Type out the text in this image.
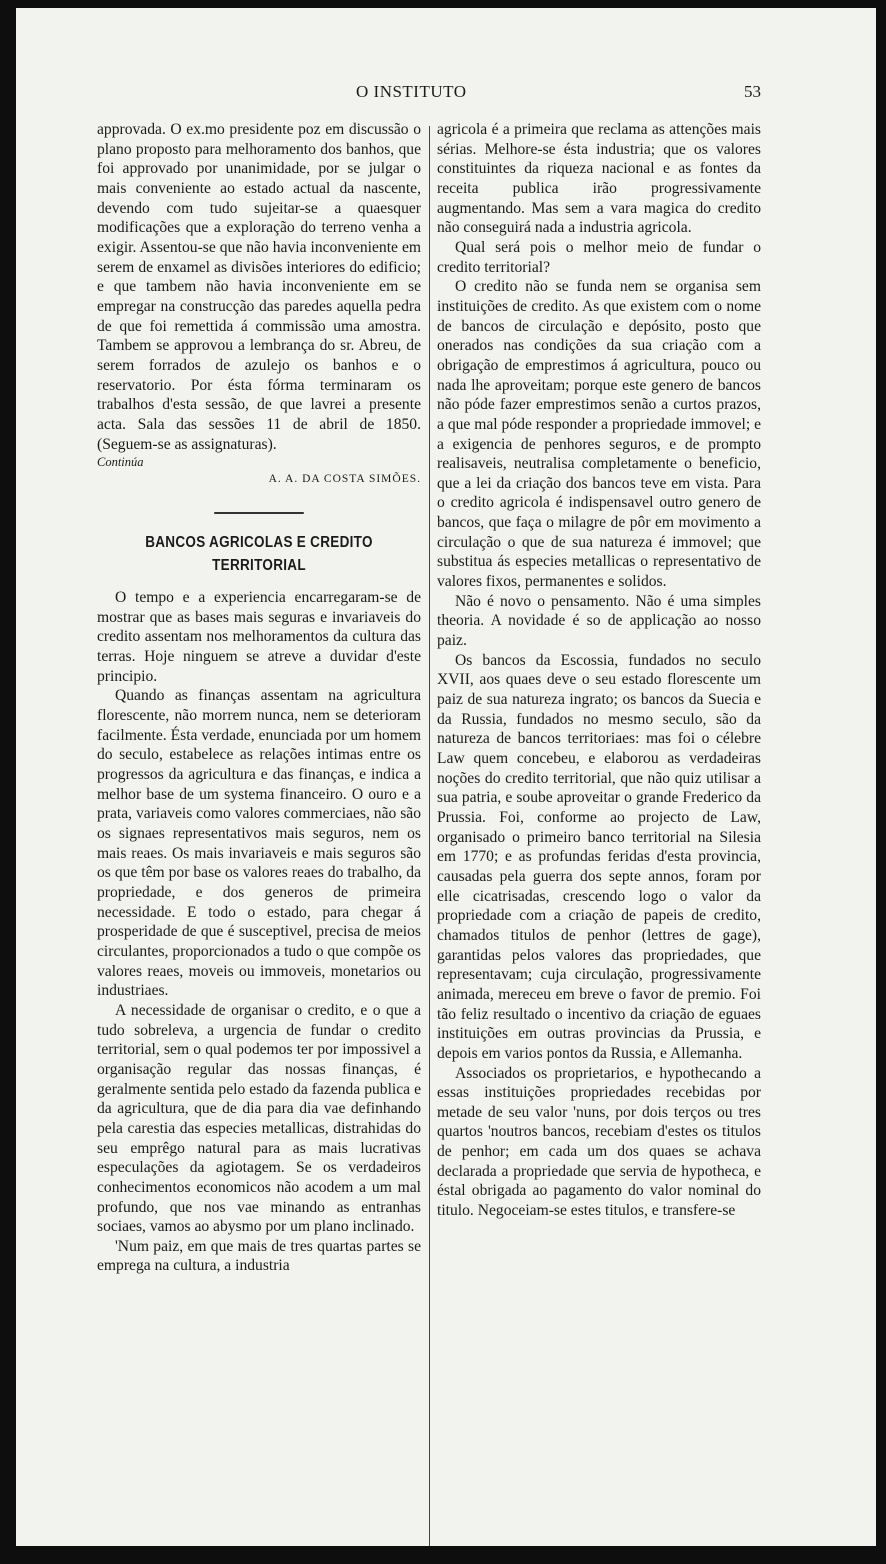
O INSTITUTO	53

approvada. O ex.mo presidente poz em discussão o plano proposto para melhoramento dos banhos, que foi approvado por unanimidade, por se julgar o mais conveniente ao estado actual da nascente, devendo com tudo sujeitar-se a quaesquer modificações que a exploração do terreno venha a exigir. Assentou-se que não havia inconveniente em serem de enxamel as divisões interiores do edificio; e que tambem não havia inconveniente em se empregar na construcção das paredes aquella pedra de que foi remettida á commissão uma amostra. Tambem se approvou a lembrança do sr. Abreu, de serem forrados de azulejo os banhos e o reservatorio. Por ésta fórma terminaram os trabalhos d'esta sessão, de que lavrei a presente acta. Sala das sessões 11 de abril de 1850. (Seguem-se as assignaturas).

Continúa

A. A. DA COSTA SIMÕES.

BANCOS AGRICOLAS E CREDITO TERRITORIAL

O tempo e a experiencia encarregaram-se de mostrar que as bases mais seguras e invariaveis do credito assentam nos melhoramentos da cultura das terras. Hoje ninguem se atreve a duvidar d'este principio.

Quando as finanças assentam na agricultura florescente, não morrem nunca, nem se deterioram facilmente. Ésta verdade, enunciada por um homem do seculo, estabelece as relações intimas entre os progressos da agricultura e das finanças, e indica a melhor base de um systema financeiro. O ouro e a prata, variaveis como valores commerciaes, não são os signaes representativos mais seguros, nem os mais reaes. Os mais invariaveis e mais seguros são os que têm por base os valores reaes do trabalho, da propriedade, e dos generos de primeira necessidade. E todo o estado, para chegar á prosperidade de que é susceptivel, precisa de meios circulantes, proporcionados a tudo o que compõe os valores reaes, moveis ou immoveis, monetarios ou industriaes.

A necessidade de organisar o credito, e o que a tudo sobreleva, a urgencia de fundar o credito territorial, sem o qual podemos ter por impossivel a organisação regular das nossas finanças, é geralmente sentida pelo estado da fazenda publica e da agricultura, que de dia para dia vae definhando pela carestia das especies metallicas, distrahidas do seu emprêgo natural para as mais lucrativas especulações da agiotagem. Se os verdadeiros conhecimentos economicos não acodem a um mal profundo, que nos vae minando as entranhas sociaes, vamos ao abysmo por um plano inclinado.

'Num paiz, em que mais de tres quartas partes se emprega na cultura, a industria

agricola é a primeira que reclama as attenções mais sérias. Melhore-se ésta industria; que os valores constituintes da riqueza nacional e as fontes da receita publica irão progressivamente augmentando. Mas sem a vara magica do credito não conseguirá nada a industria agricola.

Qual será pois o melhor meio de fundar o credito territorial?

O credito não se funda nem se organisa sem instituições de credito. As que existem com o nome de bancos de circulação e depósito, posto que onerados nas condições da sua criação com a obrigação de emprestimos á agricultura, pouco ou nada lhe aproveitam; porque este genero de bancos não póde fazer emprestimos senão a curtos prazos, a que mal póde responder a propriedade immovel; e a exigencia de penhores seguros, e de prompto realisaveis, neutralisa completamente o beneficio, que a lei da criação dos bancos teve em vista. Para o credito agricola é indispensavel outro genero de bancos, que faça o milagre de pôr em movimento a circulação o que de sua natureza é immovel; que substitua ás especies metallicas o representativo de valores fixos, permanentes e solidos.

Não é novo o pensamento. Não é uma simples theoria. A novidade é so de applicação ao nosso paiz.

Os bancos da Escossia, fundados no seculo XVII, aos quaes deve o seu estado florescente um paiz de sua natureza ingrato; os bancos da Suecia e da Russia, fundados no mesmo seculo, são da natureza de bancos territoriaes: mas foi o célebre Law quem concebeu, e elaborou as verdadeiras noções do credito territorial, que não quiz utilisar a sua patria, e soube aproveitar o grande Frederico da Prussia. Foi, conforme ao projecto de Law, organisado o primeiro banco territorial na Silesia em 1770; e as profundas feridas d'esta provincia, causadas pela guerra dos septe annos, foram por elle cicatrisadas, crescendo logo o valor da propriedade com a criação de papeis de credito, chamados titulos de penhor (lettres de gage), garantidas pelos valores das propriedades, que representavam; cuja circulação, progressivamente animada, mereceu em breve o favor de premio. Foi tão feliz resultado o incentivo da criação de eguaes instituições em outras provincias da Prussia, e depois em varios pontos da Russia, e Allemanha.

Associados os proprietarios, e hypothecando a essas instituições propriedades recebidas por metade de seu valor 'nuns, por dois terços ou tres quartos 'noutros bancos, recebiam d'estes os titulos de penhor; em cada um dos quaes se achava declarada a propriedade que servia de hypotheca, e éstal obrigada ao pagamento do valor nominal do titulo. Negoceiam-se estes titulos, e transfere-se
